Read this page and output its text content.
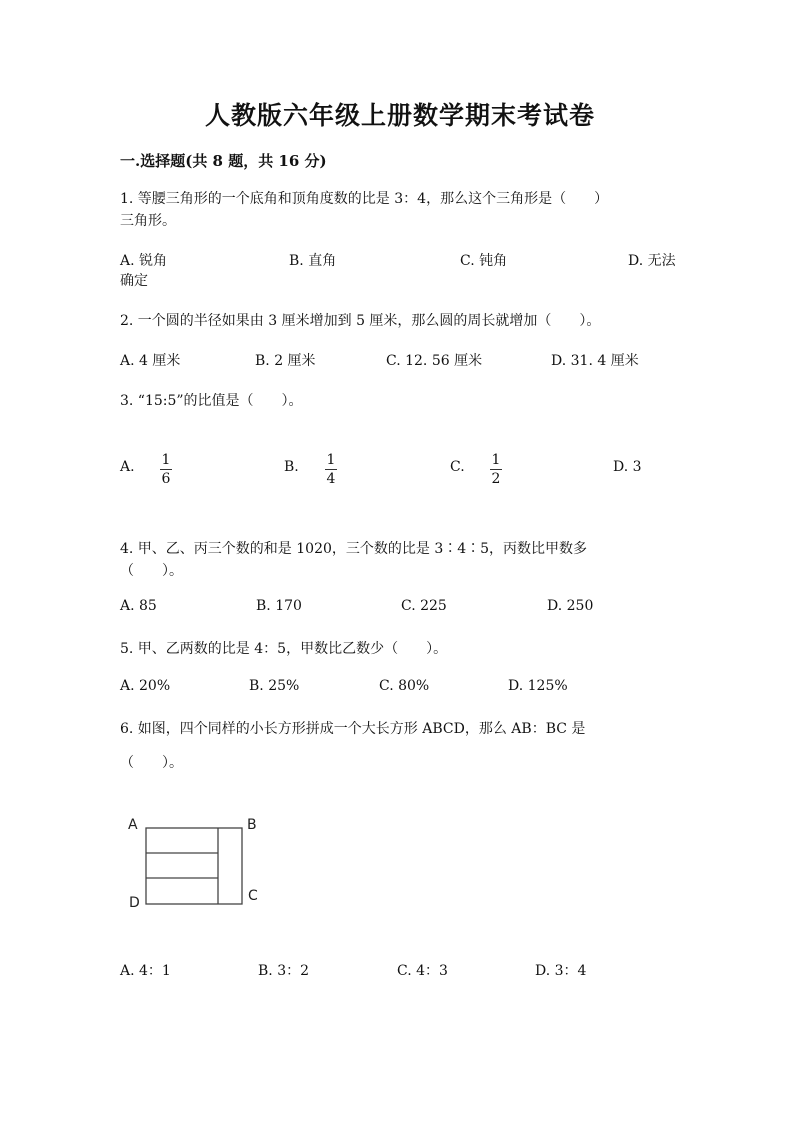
人教版六年级上册数学期末考试卷
一.选择题(共 8 题，共 16 分)
1. 等腰三角形的一个底角和顶角度数的比是 3：4，那么这个三角形是（　　）
三角形。
A. 锐角	B. 直角	C. 钝角	D. 无法
确定
2. 一个圆的半径如果由 3 厘米增加到 5 厘米，那么圆的周长就增加（　　）。
A. 4 厘米	B. 2 厘米	C. 12. 56 厘米	D. 31. 4 厘米
3. “15:5”的比值是（　　）。
A. 1
6
B. 1
4
C. 1
2
D. 3
4. 甲、乙、丙三个数的和是 1020，三个数的比是 3∶4∶5，丙数比甲数多
（　　）。
A. 85	B. 170	C. 225	D. 250
5. 甲、乙两数的比是 4：5，甲数比乙数少（　　）。
A. 20%	B. 25%	C. 80%	D. 125%
6. 如图，四个同样的小长方形拼成一个大长方形 ABCD，那么 AB：BC 是
（　　）。
A	B
C
D
A. 4：1	B. 3：2	C. 4：3	D. 3：4
